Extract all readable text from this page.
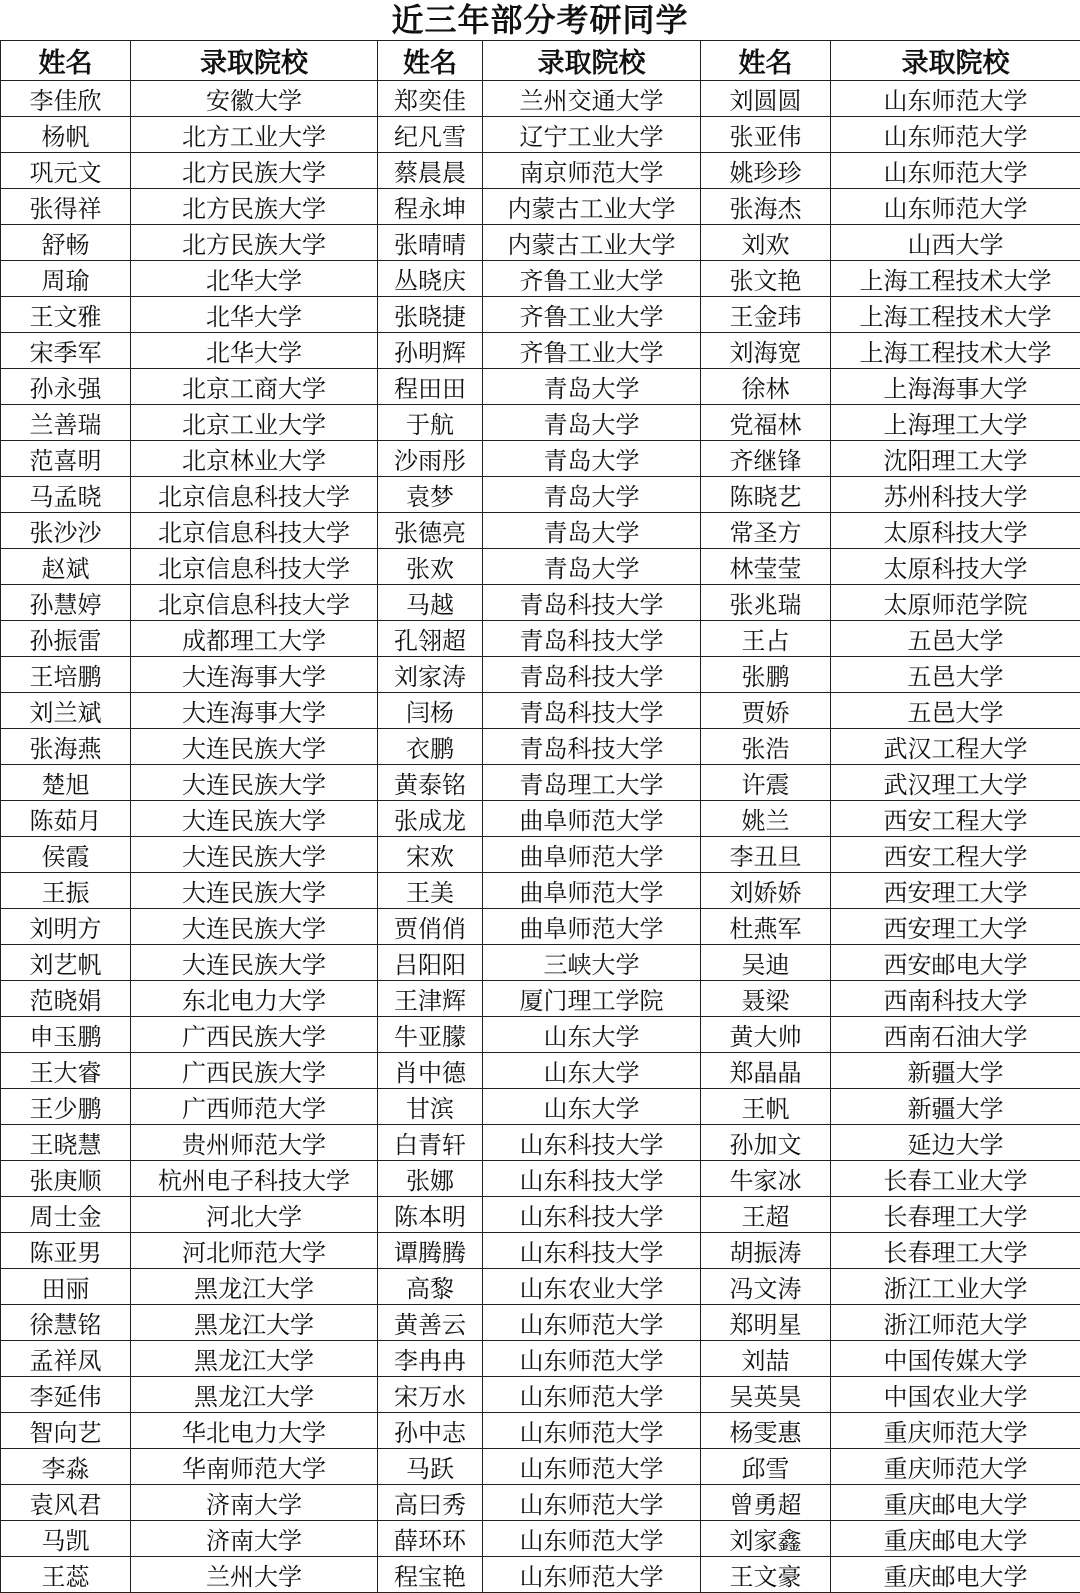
近三年部分考研同学
姓名	录取院校	姓名	录取院校	姓名	录取院校
李佳欣	安徽大学	郑奕佳	兰州交通大学	刘圆圆	山东师范大学
杨帆	北方工业大学	纪凡雪	辽宁工业大学	张亚伟	山东师范大学
巩元文	北方民族大学	蔡晨晨	南京师范大学	姚珍珍	山东师范大学
张得祥	北方民族大学	程永坤	内蒙古工业大学	张海杰	山东师范大学
舒畅	北方民族大学	张晴晴	内蒙古工业大学	刘欢	山西大学
周瑜	北华大学	丛晓庆	齐鲁工业大学	张文艳	上海工程技术大学
王文雅	北华大学	张晓捷	齐鲁工业大学	王金玮	上海工程技术大学
宋季军	北华大学	孙明辉	齐鲁工业大学	刘海宽	上海工程技术大学
孙永强	北京工商大学	程田田	青岛大学	徐林	上海海事大学
兰善瑞	北京工业大学	于航	青岛大学	党福林	上海理工大学
范喜明	北京林业大学	沙雨彤	青岛大学	齐继锋	沈阳理工大学
马孟晓	北京信息科技大学	袁梦	青岛大学	陈晓艺	苏州科技大学
张沙沙	北京信息科技大学	张德亮	青岛大学	常圣方	太原科技大学
赵斌	北京信息科技大学	张欢	青岛大学	林莹莹	太原科技大学
孙慧婷	北京信息科技大学	马越	青岛科技大学	张兆瑞	太原师范学院
孙振雷	成都理工大学	孔翎超	青岛科技大学	王占	五邑大学
王培鹏	大连海事大学	刘家涛	青岛科技大学	张鹏	五邑大学
刘兰斌	大连海事大学	闫杨	青岛科技大学	贾娇	五邑大学
张海燕	大连民族大学	衣鹏	青岛科技大学	张浩	武汉工程大学
楚旭	大连民族大学	黄泰铭	青岛理工大学	许震	武汉理工大学
陈茹月	大连民族大学	张成龙	曲阜师范大学	姚兰	西安工程大学
侯霞	大连民族大学	宋欢	曲阜师范大学	李丑旦	西安工程大学
王振	大连民族大学	王美	曲阜师范大学	刘娇娇	西安理工大学
刘明方	大连民族大学	贾俏俏	曲阜师范大学	杜燕军	西安理工大学
刘艺帆	大连民族大学	吕阳阳	三峡大学	吴迪	西安邮电大学
范晓娟	东北电力大学	王津辉	厦门理工学院	聂梁	西南科技大学
申玉鹏	广西民族大学	牛亚朦	山东大学	黄大帅	西南石油大学
王大睿	广西民族大学	肖中德	山东大学	郑晶晶	新疆大学
王少鹏	广西师范大学	甘滨	山东大学	王帆	新疆大学
王晓慧	贵州师范大学	白青轩	山东科技大学	孙加文	延边大学
张庚顺	杭州电子科技大学	张娜	山东科技大学	牛家冰	长春工业大学
周士金	河北大学	陈本明	山东科技大学	王超	长春理工大学
陈亚男	河北师范大学	谭腾腾	山东科技大学	胡振涛	长春理工大学
田丽	黑龙江大学	高黎	山东农业大学	冯文涛	浙江工业大学
徐慧铭	黑龙江大学	黄善云	山东师范大学	郑明星	浙江师范大学
孟祥凤	黑龙江大学	李冉冉	山东师范大学	刘喆	中国传媒大学
李延伟	黑龙江大学	宋万水	山东师范大学	吴英昊	中国农业大学
智向艺	华北电力大学	孙中志	山东师范大学	杨雯惠	重庆师范大学
李淼	华南师范大学	马跃	山东师范大学	邱雪	重庆师范大学
袁风君	济南大学	高曰秀	山东师范大学	曾勇超	重庆邮电大学
马凯	济南大学	薛环环	山东师范大学	刘家鑫	重庆邮电大学
王蕊	兰州大学	程宝艳	山东师范大学	王文豪	重庆邮电大学
